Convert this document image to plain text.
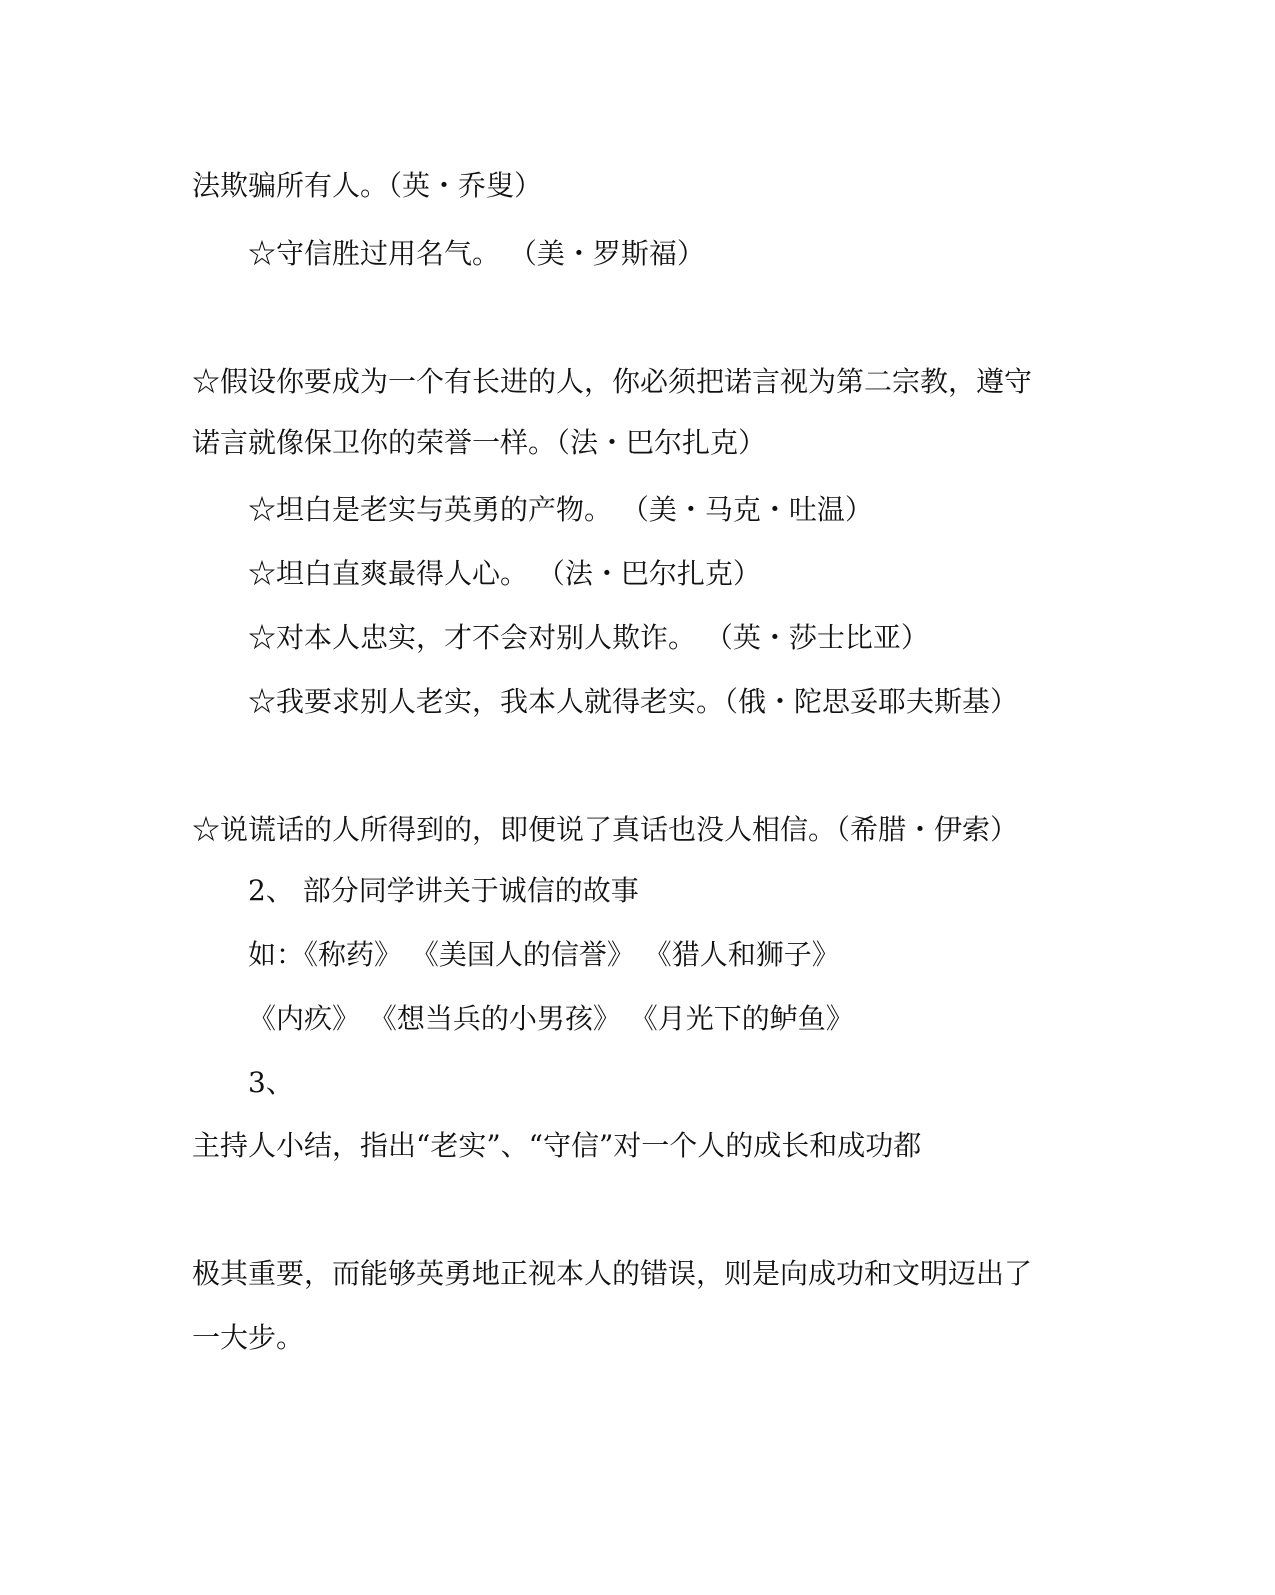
法欺骗所有人。（英・乔叟）
☆守信胜过用名气。 （美・罗斯福）
☆假设你要成为一个有长进的人，你必须把诺言视为第二宗教，遵守
诺言就像保卫你的荣誉一样。（法・巴尔扎克）
☆坦白是老实与英勇的产物。 （美・马克・吐温）
☆坦白直爽最得人心。 （法・巴尔扎克）
☆对本人忠实，才不会对别人欺诈。 （英・莎士比亚）
☆我要求别人老实，我本人就得老实。（俄・陀思妥耶夫斯基）
☆说谎话的人所得到的，即便说了真话也没人相信。（希腊・伊索）
2、 部分同学讲关于诚信的故事
如：《称药》 《美国人的信誉》 《猎人和狮子》
《内疚》 《想当兵的小男孩》 《月光下的鲈鱼》
3、
主持人小结，指出“老实”、“守信”对一个人的成长和成功都
极其重要，而能够英勇地正视本人的错误，则是向成功和文明迈出了
一大步。
